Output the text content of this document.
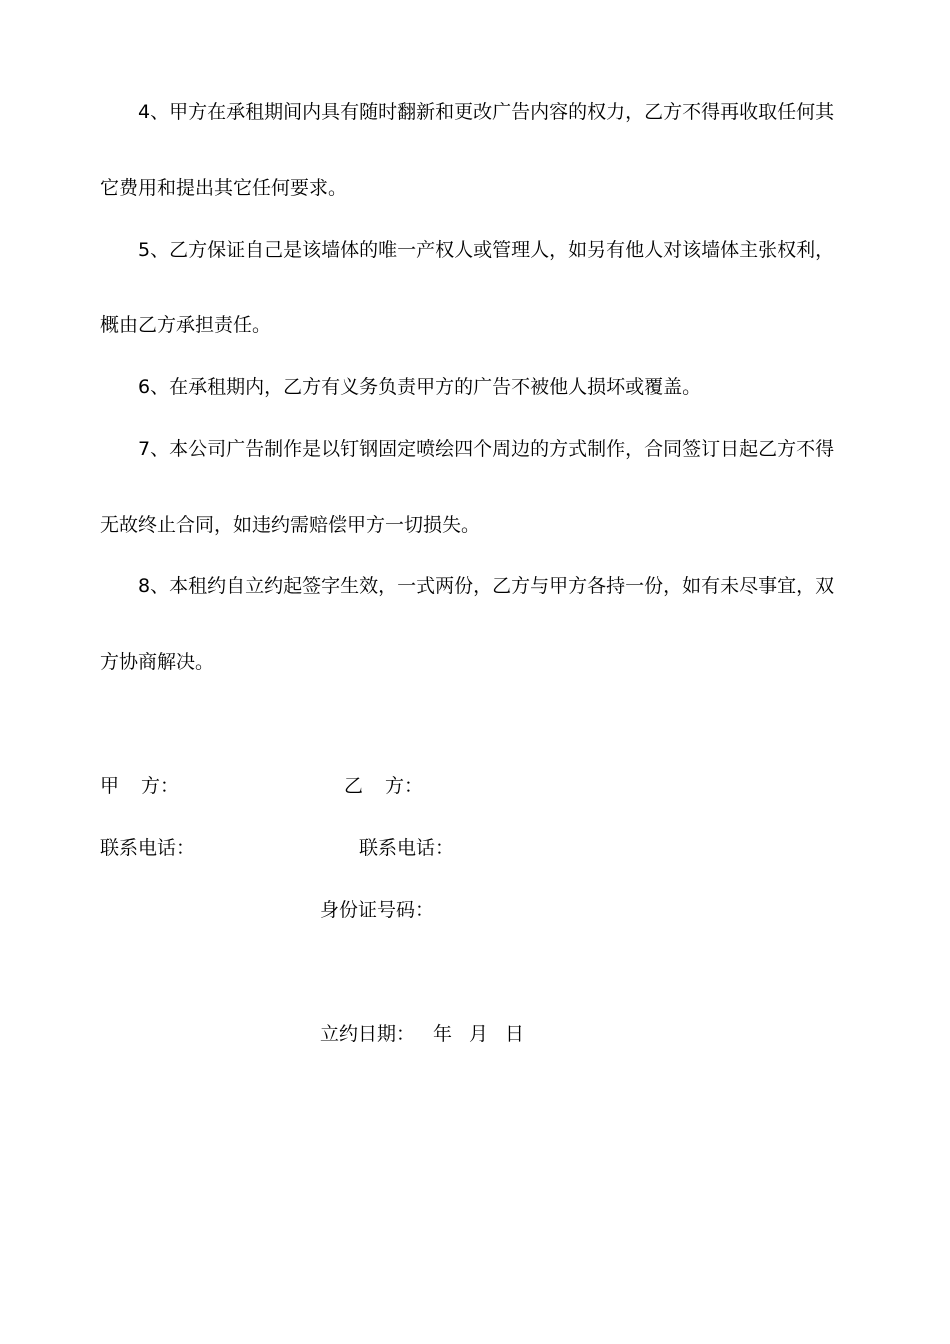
4、甲方在承租期间内具有随时翻新和更改广告内容的权力，乙方不得再收取任何其
它费用和提出其它任何要求。
5、乙方保证自己是该墙体的唯一产权人或管理人，如另有他人对该墙体主张权利，
概由乙方承担责任。
6、在承租期内，乙方有义务负责甲方的广告不被他人损坏或覆盖。
7、本公司广告制作是以钉钢固定喷绘四个周边的方式制作，合同签订日起乙方不得
无故终止合同，如违约需赔偿甲方一切损失。
8、本租约自立约起签字生效，一式两份，乙方与甲方各持一份，如有未尽事宜，双
方协商解决。
甲 方：	乙 方：
联系电话：	联系电话：
身份证号码：
立约日期： 年 月 日
